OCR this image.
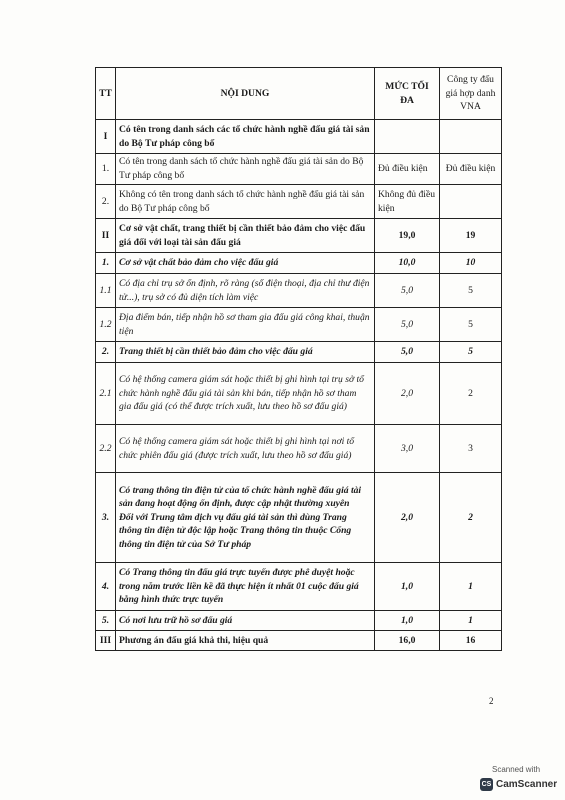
TT	NỘI DUNG	MỨC TỐI ĐA	Công ty đấu giá hợp danh VNA
I	Có tên trong danh sách các tổ chức hành nghề đấu giá tài sản do Bộ Tư pháp công bố		
1.	Có tên trong danh sách tổ chức hành nghề đấu giá tài sản do Bộ Tư pháp công bố	Đủ điều kiện	Đủ điều kiện
2.	Không có tên trong danh sách tổ chức hành nghề đấu giá tài sản do Bộ Tư pháp công bố	Không đủ điều kiện	
II	Cơ sở vật chất, trang thiết bị cần thiết bảo đảm cho việc đấu giá đối với loại tài sản đấu giá	19,0	19
1.	Cơ sở vật chất bảo đảm cho việc đấu giá	10,0	10
1.1	Có địa chỉ trụ sở ổn định, rõ ràng (số điện thoại, địa chỉ thư điện tử...), trụ sở có đủ diện tích làm việc	5,0	5
1.2	Địa điểm bán, tiếp nhận hồ sơ tham gia đấu giá công khai, thuận tiện	5,0	5
2.	Trang thiết bị cần thiết bảo đảm cho việc đấu giá	5,0	5
2.1	Có hệ thống camera giám sát hoặc thiết bị ghi hình tại trụ sở tổ chức hành nghề đấu giá tài sản khi bán, tiếp nhận hồ sơ tham gia đấu giá (có thể được trích xuất, lưu theo hồ sơ đấu giá)	2,0	2
2.2	Có hệ thống camera giám sát hoặc thiết bị ghi hình tại nơi tổ chức phiên đấu giá (được trích xuất, lưu theo hồ sơ đấu giá)	3,0	3
3.	Có trang thông tin điện tử của tổ chức hành nghề đấu giá tài sản đang hoạt động ổn định, được cập nhật thường xuyên
Đối với Trung tâm dịch vụ đấu giá tài sản thì dùng Trang thông tin điện tử độc lập hoặc Trang thông tin thuộc Cổng thông tin điện tử của Sở Tư pháp	2,0	2
4.	Có Trang thông tin đấu giá trực tuyến được phê duyệt hoặc trong năm trước liền kề đã thực hiện ít nhất 01 cuộc đấu giá bằng hình thức trực tuyến	1,0	1
5.	Có nơi lưu trữ hồ sơ đấu giá	1,0	1
III	Phương án đấu giá khả thi, hiệu quả	16,0	16
2
Scanned with
CS CamScanner
